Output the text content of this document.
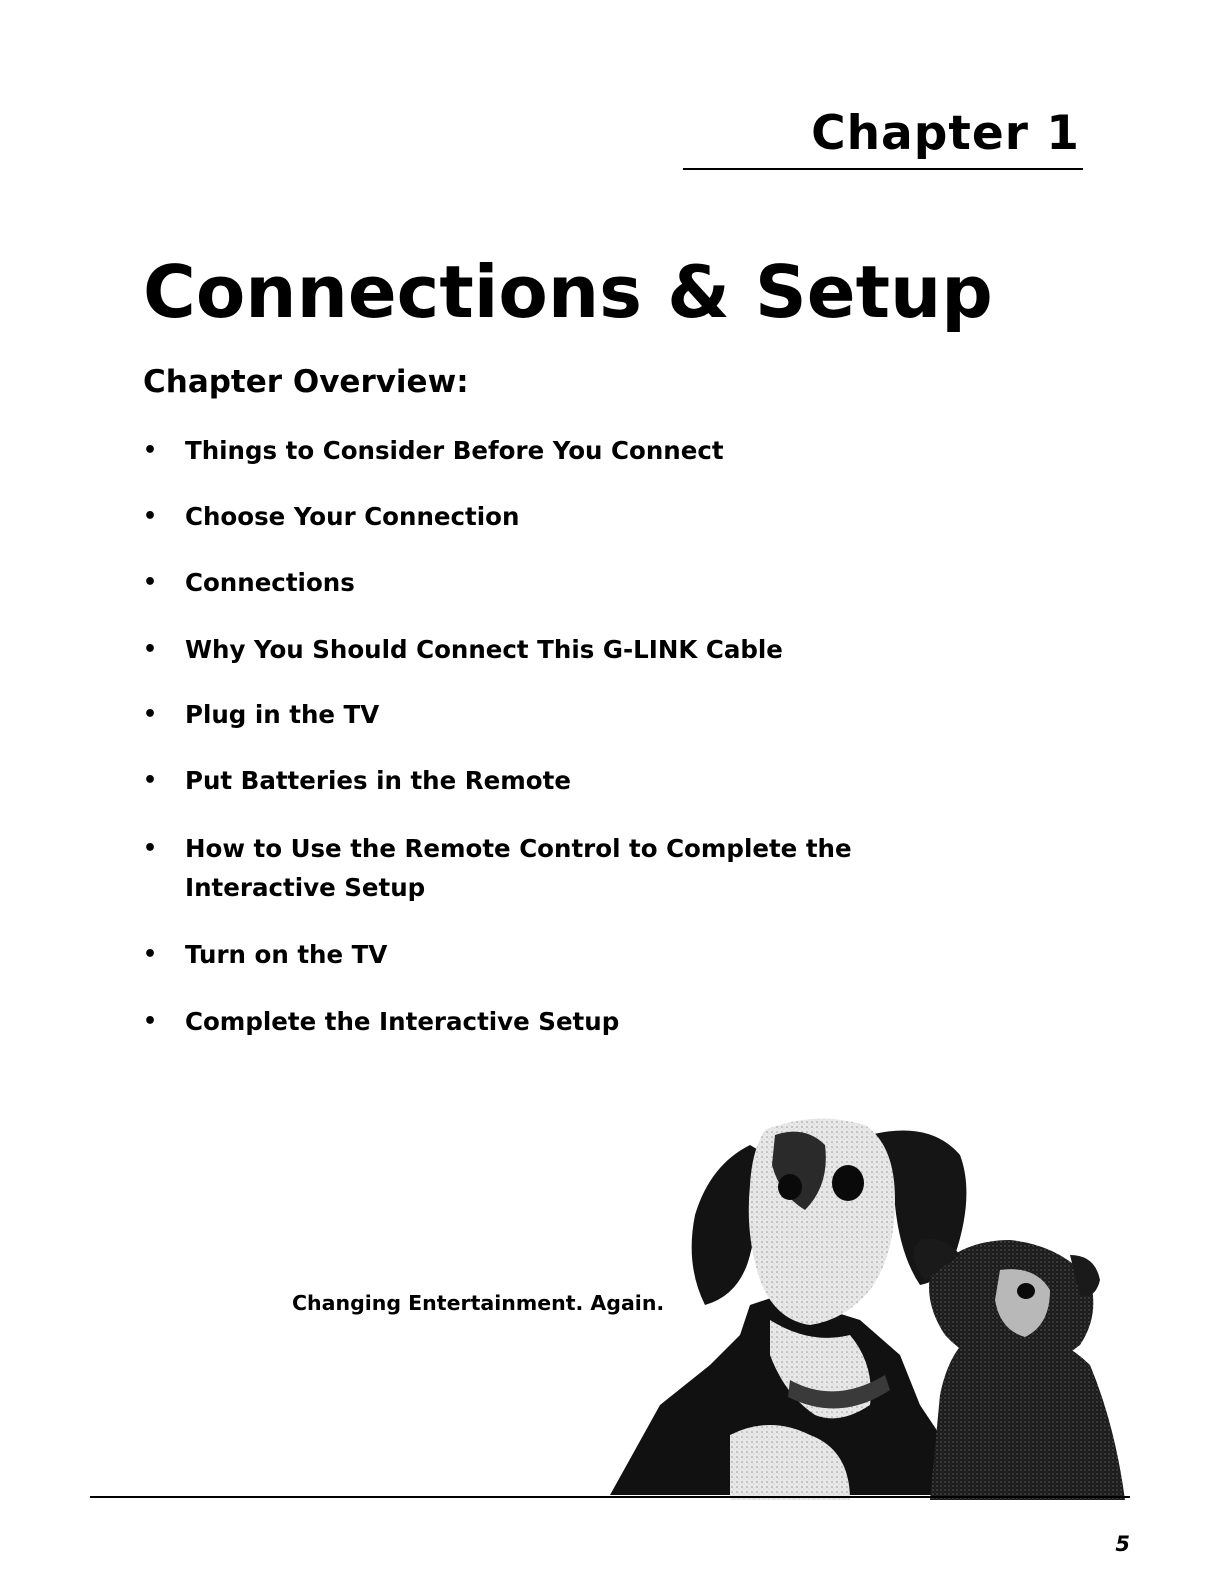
Chapter 1
Connections & Setup
Chapter Overview:
• Things to Consider Before You Connect
• Choose Your Connection
• Connections
• Why You Should Connect This G-LINK Cable
• Plug in the TV
• Put Batteries in the Remote
• How to Use the Remote Control to Complete the
Interactive Setup
• Turn on the TV
• Complete the Interactive Setup
Changing Entertainment. Again.
5
